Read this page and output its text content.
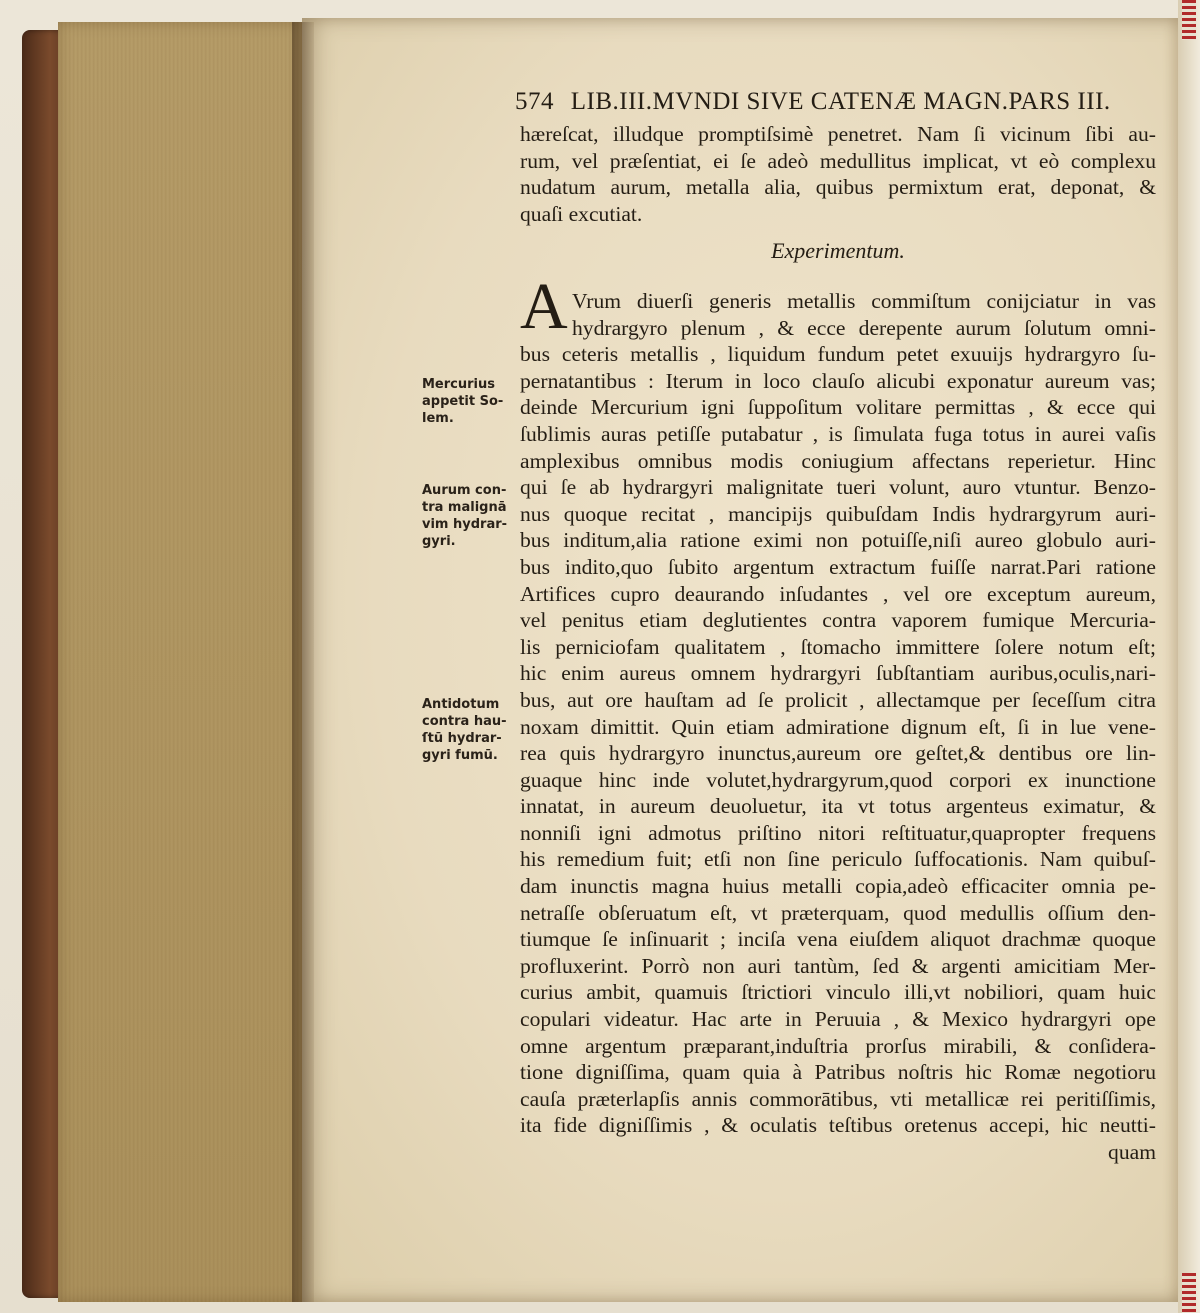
574 LIB.III.MVNDI SIVE CATENÆ MAGN.PARS III.
hæreſcat, illudque promptiſsimè penetret. Nam ſi vicinum ſibi au-
rum, vel præſentiat, ei ſe adeò medullitus implicat, vt eò complexu
nudatum aurum, metalla alia, quibus permixtum erat, deponat, &
quaſi excutiat.
Experimentum.
A Vrum diuerſi generis metallis commiſtum conijciatur in vas
hydrargyro plenum , & ecce derepente aurum ſolutum omni-
bus ceteris metallis , liquidum fundum petet exuuijs hydrargyro ſu-
pernatantibus : Iterum in loco clauſo alicubi exponatur aureum vas;
deinde Mercurium igni ſuppoſitum volitare permittas , & ecce qui
ſublimis auras petiſſe putabatur , is ſimulata fuga totus in aurei vaſis
amplexibus omnibus modis coniugium affectans reperietur. Hinc
qui ſe ab hydrargyri malignitate tueri volunt, auro vtuntur. Benzo-
nus quoque recitat , mancipijs quibuſdam Indis hydrargyrum auri-
bus inditum,alia ratione eximi non potuiſſe,niſi aureo globulo auri-
bus indito,quo ſubito argentum extractum fuiſſe narrat.Pari ratione
Artifices cupro deaurando inſudantes , vel ore exceptum aureum,
vel penitus etiam deglutientes contra vaporem fumique Mercuria-
lis perniciofam qualitatem , ſtomacho immittere ſolere notum eſt;
hic enim aureus omnem hydrargyri ſubſtantiam auribus,oculis,nari-
bus, aut ore hauſtam ad ſe prolicit , allectamque per ſeceſſum citra
noxam dimittit. Quin etiam admiratione dignum eſt, ſi in lue vene-
rea quis hydrargyro inunctus,aureum ore geſtet,& dentibus ore lin-
guaque hinc inde volutet,hydrargyrum,quod corpori ex inunctione
innatat, in aureum deuoluetur, ita vt totus argenteus eximatur, &
nonniſi igni admotus priſtino nitori reſtituatur,quapropter frequens
his remedium fuit; etſi non ſine periculo ſuffocationis. Nam quibuſ-
dam inunctis magna huius metalli copia,adeò efficaciter omnia pe-
netraſſe obſeruatum eſt, vt præterquam, quod medullis oſſium den-
tiumque ſe inſinuarit ; inciſa vena eiuſdem aliquot drachmæ quoque
profluxerint. Porrò non auri tantùm, ſed & argenti amicitiam Mer-
curius ambit, quamuis ſtrictiori vinculo illi,vt nobiliori, quam huic
copulari videatur. Hac arte in Peruuia , & Mexico hydrargyri ope
omne argentum præparant,induſtria prorſus mirabili, & conſidera-
tione digniſſima, quam quia à Patribus noſtris hic Romæ negotioru
cauſa præterlapſis annis commorātibus, vti metallicæ rei peritiſſimis,
ita fide digniſſimis , & oculatis teſtibus oretenus accepi, hic neutti-
quam
Mercurius
appetit So-
lem.
Aurum con-
tra malignā
vim hydrar-
gyri.
Antidotum
contra hau-
ſtū hydrar-
gyri fumū.
